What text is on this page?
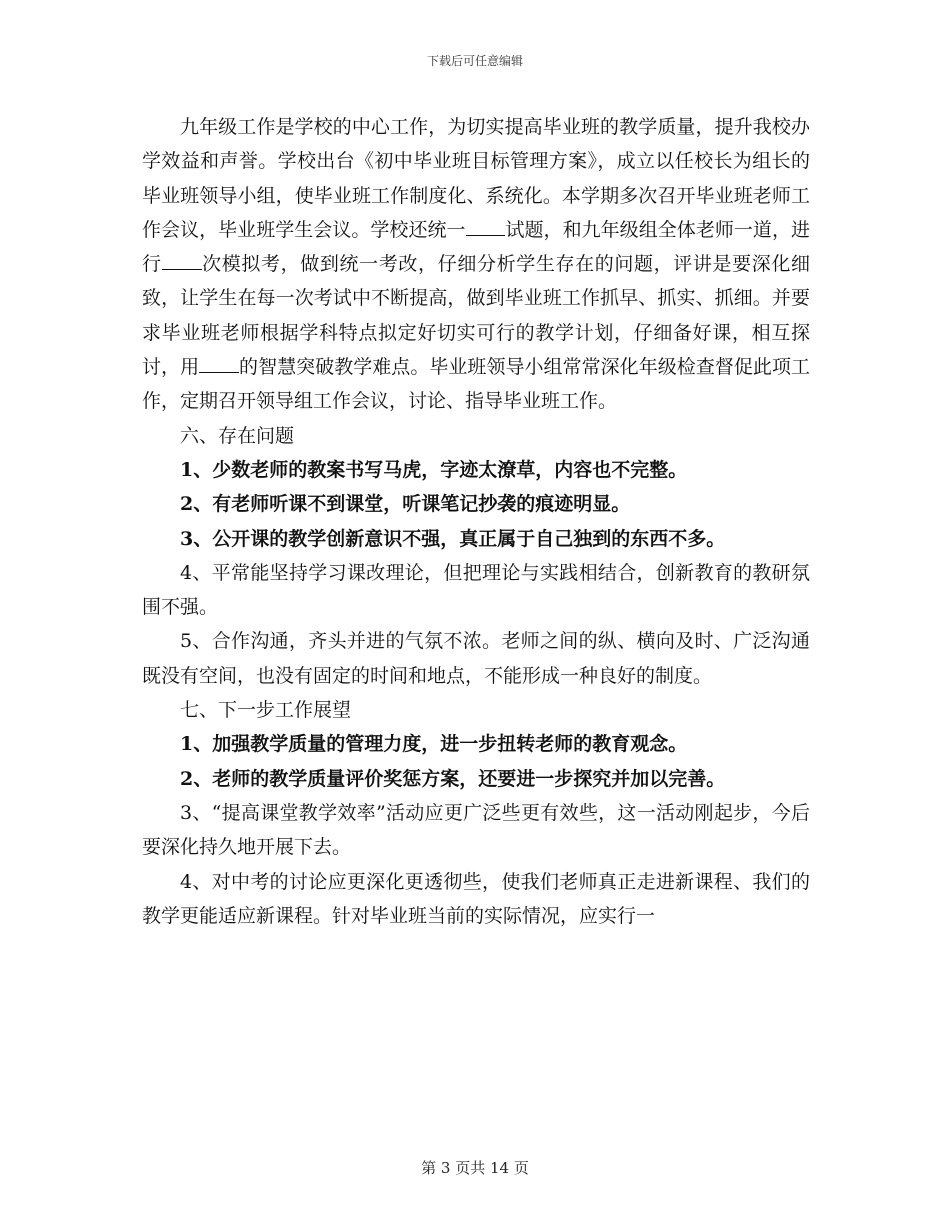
下载后可任意编辑

九年级工作是学校的中心工作，为切实提高毕业班的教学质量，提升我校办学效益和声誉。学校出台《初中毕业班目标管理方案》，成立以任校长为组长的毕业班领导小组，使毕业班工作制度化、系统化。本学期多次召开毕业班老师工作会议，毕业班学生会议。学校还统一 试题，和九年级组全体老师一道，进行 次模拟考，做到统一考改，仔细分析学生存在的问题，评讲是要深化细致，让学生在每一次考试中不断提高，做到毕业班工作抓早、抓实、抓细。并要求毕业班老师根据学科特点拟定好切实可行的教学计划，仔细备好课，相互探讨，用 的智慧突破教学难点。毕业班领导小组常常深化年级检查督促此项工作，定期召开领导组工作会议，讨论、指导毕业班工作。

六、存在问题

1、少数老师的教案书写马虎，字迹太潦草，内容也不完整。

2、有老师听课不到课堂，听课笔记抄袭的痕迹明显。

3、公开课的教学创新意识不强，真正属于自己独到的东西不多。

4、平常能坚持学习课改理论，但把理论与实践相结合，创新教育的教研氛围不强。

5、合作沟通，齐头并进的气氛不浓。老师之间的纵、横向及时、广泛沟通既没有空间，也没有固定的时间和地点，不能形成一种良好的制度。

七、下一步工作展望

1、加强教学质量的管理力度，进一步扭转老师的教育观念。

2、老师的教学质量评价奖惩方案，还要进一步探究并加以完善。

3、“提高课堂教学效率”活动应更广泛些更有效些，这一活动刚起步，今后要深化持久地开展下去。

4、对中考的讨论应更深化更透彻些，使我们老师真正走进新课程、我们的教学更能适应新课程。针对毕业班当前的实际情况，应实行一

第 3 页共 14 页
